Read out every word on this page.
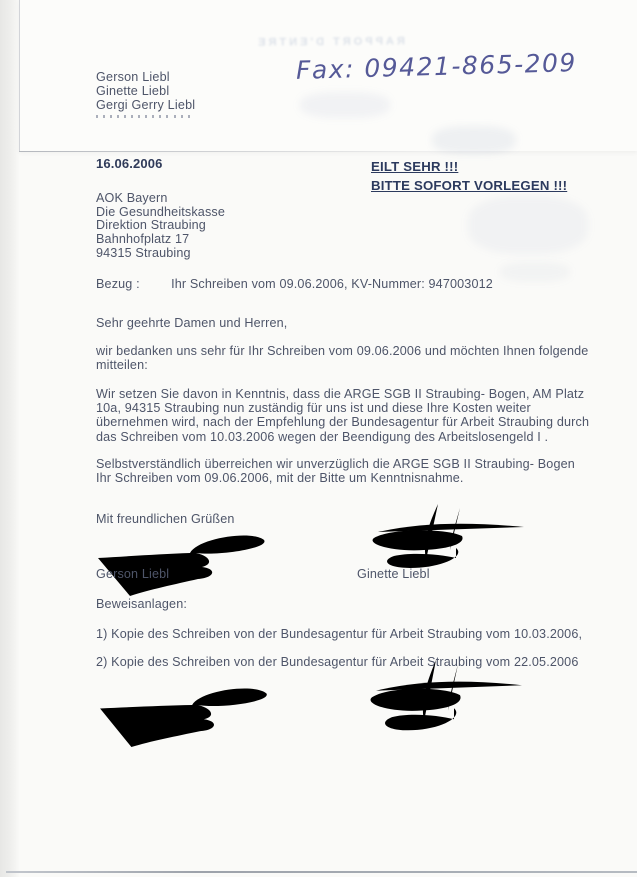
RAPPORT D'ENTRE
Gerson Liebl
Ginette Liebl
Gergi Gerry Liebl
Fax: 09421-865-209
16.06.2006	EILT SEHR !!!
BITTE SOFORT VORLEGEN !!!
AOK Bayern
Die Gesundheitskasse
Direktion Straubing
Bahnhofplatz 17
94315 Straubing
Bezug : Ihr Schreiben vom 09.06.2006, KV-Nummer: 947003012
Sehr geehrte Damen und Herren,
wir bedanken uns sehr für Ihr Schreiben vom 09.06.2006 und möchten Ihnen folgende mitteilen:
Wir setzen Sie davon in Kenntnis, dass die ARGE SGB II Straubing- Bogen, AM Platz 10a, 94315 Straubing nun zuständig für uns ist und diese Ihre Kosten weiter übernehmen wird, nach der Empfehlung der Bundesagentur für Arbeit Straubing durch das Schreiben vom 10.03.2006 wegen der Beendigung des Arbeitslosengeld I .
Selbstverständlich überreichen wir unverzüglich die ARGE SGB II Straubing- Bogen Ihr Schreiben vom 09.06.2006, mit der Bitte um Kenntnisnahme.
Mit freundlichen Grüßen
Gerson Liebl	Ginette Liebl
Beweisanlagen:
1) Kopie des Schreiben von der Bundesagentur für Arbeit Straubing vom 10.03.2006,
2) Kopie des Schreiben von der Bundesagentur für Arbeit Straubing vom 22.05.2006
